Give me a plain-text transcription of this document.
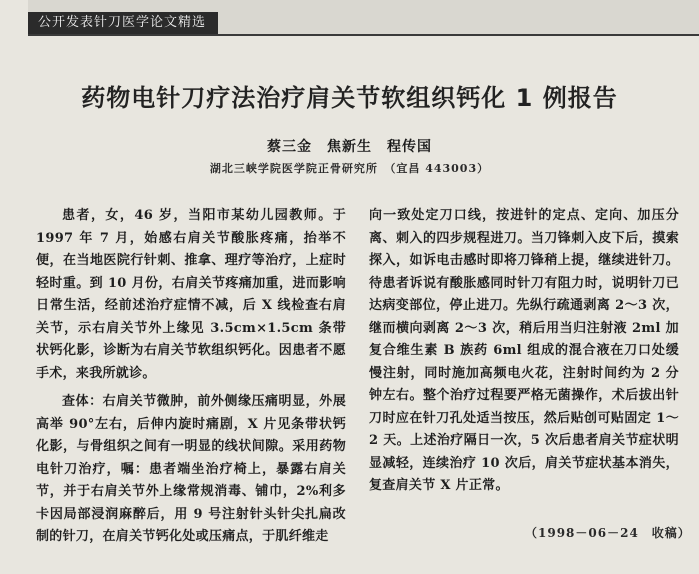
公开发表针刀医学论文精选
药物电针刀疗法治疗肩关节软组织钙化 1 例报告
蔡三金　焦新生　程传国
湖北三峡学院医学院正骨研究所　（宜昌 443003）

患者，女，46 岁，当阳市某幼儿园教师。于 1997 年 7 月，始感右肩关节酸胀疼痛，抬举不便，在当地医院行针刺、推拿、理疗等治疗，上症时轻时重。到 10 月份，右肩关节疼痛加重，进而影响日常生活，经前述治疗症情不减，后 X 线检查右肩关节，示右肩关节外上缘见 3.5cm×1.5cm 条带状钙化影，诊断为右肩关节软组织钙化。因患者不愿手术，来我所就诊。

查体：右肩关节微肿，前外侧缘压痛明显，外展高举 90°左右，后伸内旋时痛剧，X 片见条带状钙化影，与骨组织之间有一明显的线状间隙。采用药物电针刀治疗，嘱：患者端坐治疗椅上，暴露右肩关节，并于右肩关节外上缘常规消毒、铺巾，2%利多卡因局部浸润麻醉后，用 9 号注射针头针尖扎扁改制的针刀，在肩关节钙化处或压痛点，于肌纤维走

向一致处定刀口线，按进针的定点、定向、加压分离、刺入的四步规程进刀。当刀锋刺入皮下后，摸索探入，如诉电击感时即将刀锋稍上提，继续进针刀。待患者诉说有酸胀感同时针刀有阻力时，说明针刀已达病变部位，停止进刀。先纵行疏通剥离 2～3 次，继而横向剥离 2～3 次，稍后用当归注射液 2ml 加复合维生素 B 族药 6ml 组成的混合液在刀口处缓慢注射，同时施加高频电火花，注射时间约为 2 分钟左右。整个治疗过程要严格无菌操作，术后拔出针刀时应在针刀孔处适当按压，然后贴创可贴固定 1～2 天。上述治疗隔日一次，5 次后患者肩关节症状明显减轻，连续治疗 10 次后，肩关节症状基本消失，复查肩关节 X 片正常。

（1998－06－24　收稿）
